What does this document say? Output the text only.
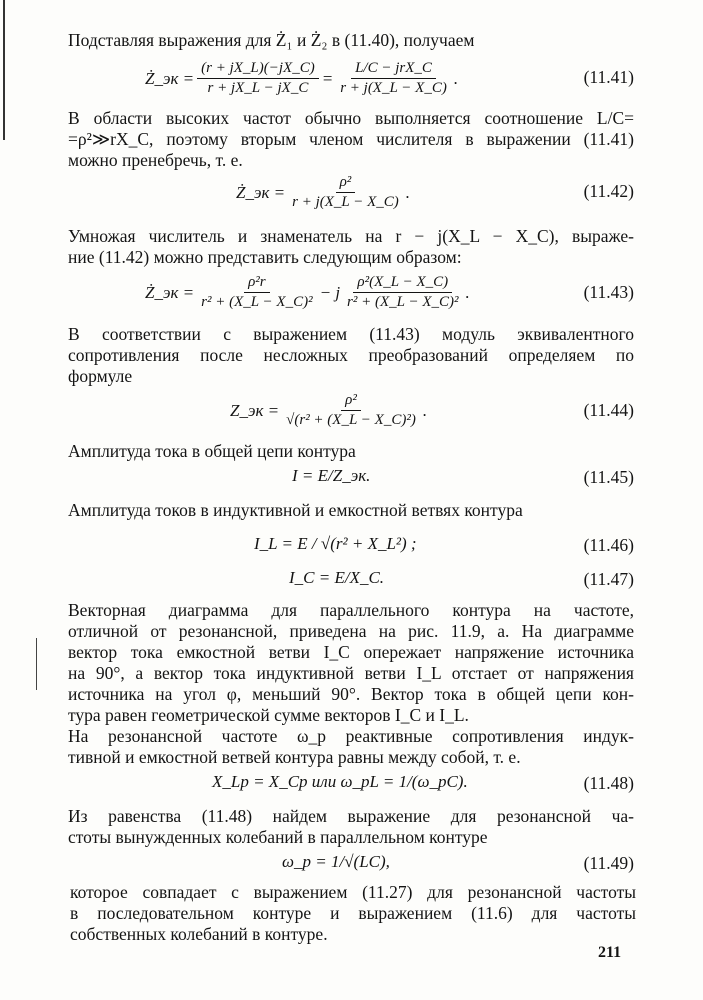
Подставляя выражения для Ż₁ и Ż₂ в (11.40), получаем
Ż_эк = $\frac{(r + jX\_L)(-jX\_C)}{r + jX\_L - jX\_C} = \frac{\text{L/C − jrX\_C}}{r + j(X\_L - X\_C)}$ .	(11.41)
В области высоких частот обычно выполняется соотношение L/C=
=ρ²≫rX_C, поэтому вторым членом числителя в выражении (11.41)
можно пренебречь, т. е.
Ż_эк = $\frac{\text{ρ²}}{r + j(X\_L - X\_C)}$ .	(11.42)
Умножая числитель и знаменатель на r − j(X_L − X_C), выраже-
ние (11.42) можно представить следующим образом:
Ż_эк = $\frac{\text{ρ²r}}{\text{r² + (X\_L − X\_C)²}} - j \frac{\text{ρ²(X\_L − X\_C)}}{\text{r² + (X\_L − X\_C)²}}$ .	(11.43)
В соответствии с выражением (11.43) модуль эквивалентного
сопротивления после несложных преобразований определяем по
формуле
Z_эк = $\frac{\text{ρ²}}{\text{√(r² + (X\_L − X\_C)²)}}$ .	(11.44)
Амплитуда тока в общей цепи контура
I = E/Z_эк.	(11.45)
Амплитуда токов в индуктивной и емкостной ветвях контура
I_L = E / √(r² + X_L²) ;	(11.46)
I_C = E/X_C.	(11.47)
Векторная диаграмма для параллельного контура на частоте,
отличной от резонансной, приведена на рис. 11.9, а. На диаграмме
вектор тока емкостной ветви I_C опережает напряжение источника
на 90°, а вектор тока индуктивной ветви I_L отстает от напряжения
источника на угол φ, меньший 90°. Вектор тока в общей цепи кон-
тура равен геометрической сумме векторов I_C и I_L.
На резонансной частоте ω_р реактивные сопротивления индук-
тивной и емкостной ветвей контура равны между собой, т. е.
X_Lр = X_Cр или ω_рL = 1/(ω_рC).	(11.48)
Из равенства (11.48) найдем выражение для резонансной ча-
стоты вынужденных колебаний в параллельном контуре
ω_р = 1/√(LC),	(11.49)
которое совпадает с выражением (11.27) для резонансной частоты
в последовательном контуре и выражением (11.6) для частоты
собственных колебаний в контуре.
211
